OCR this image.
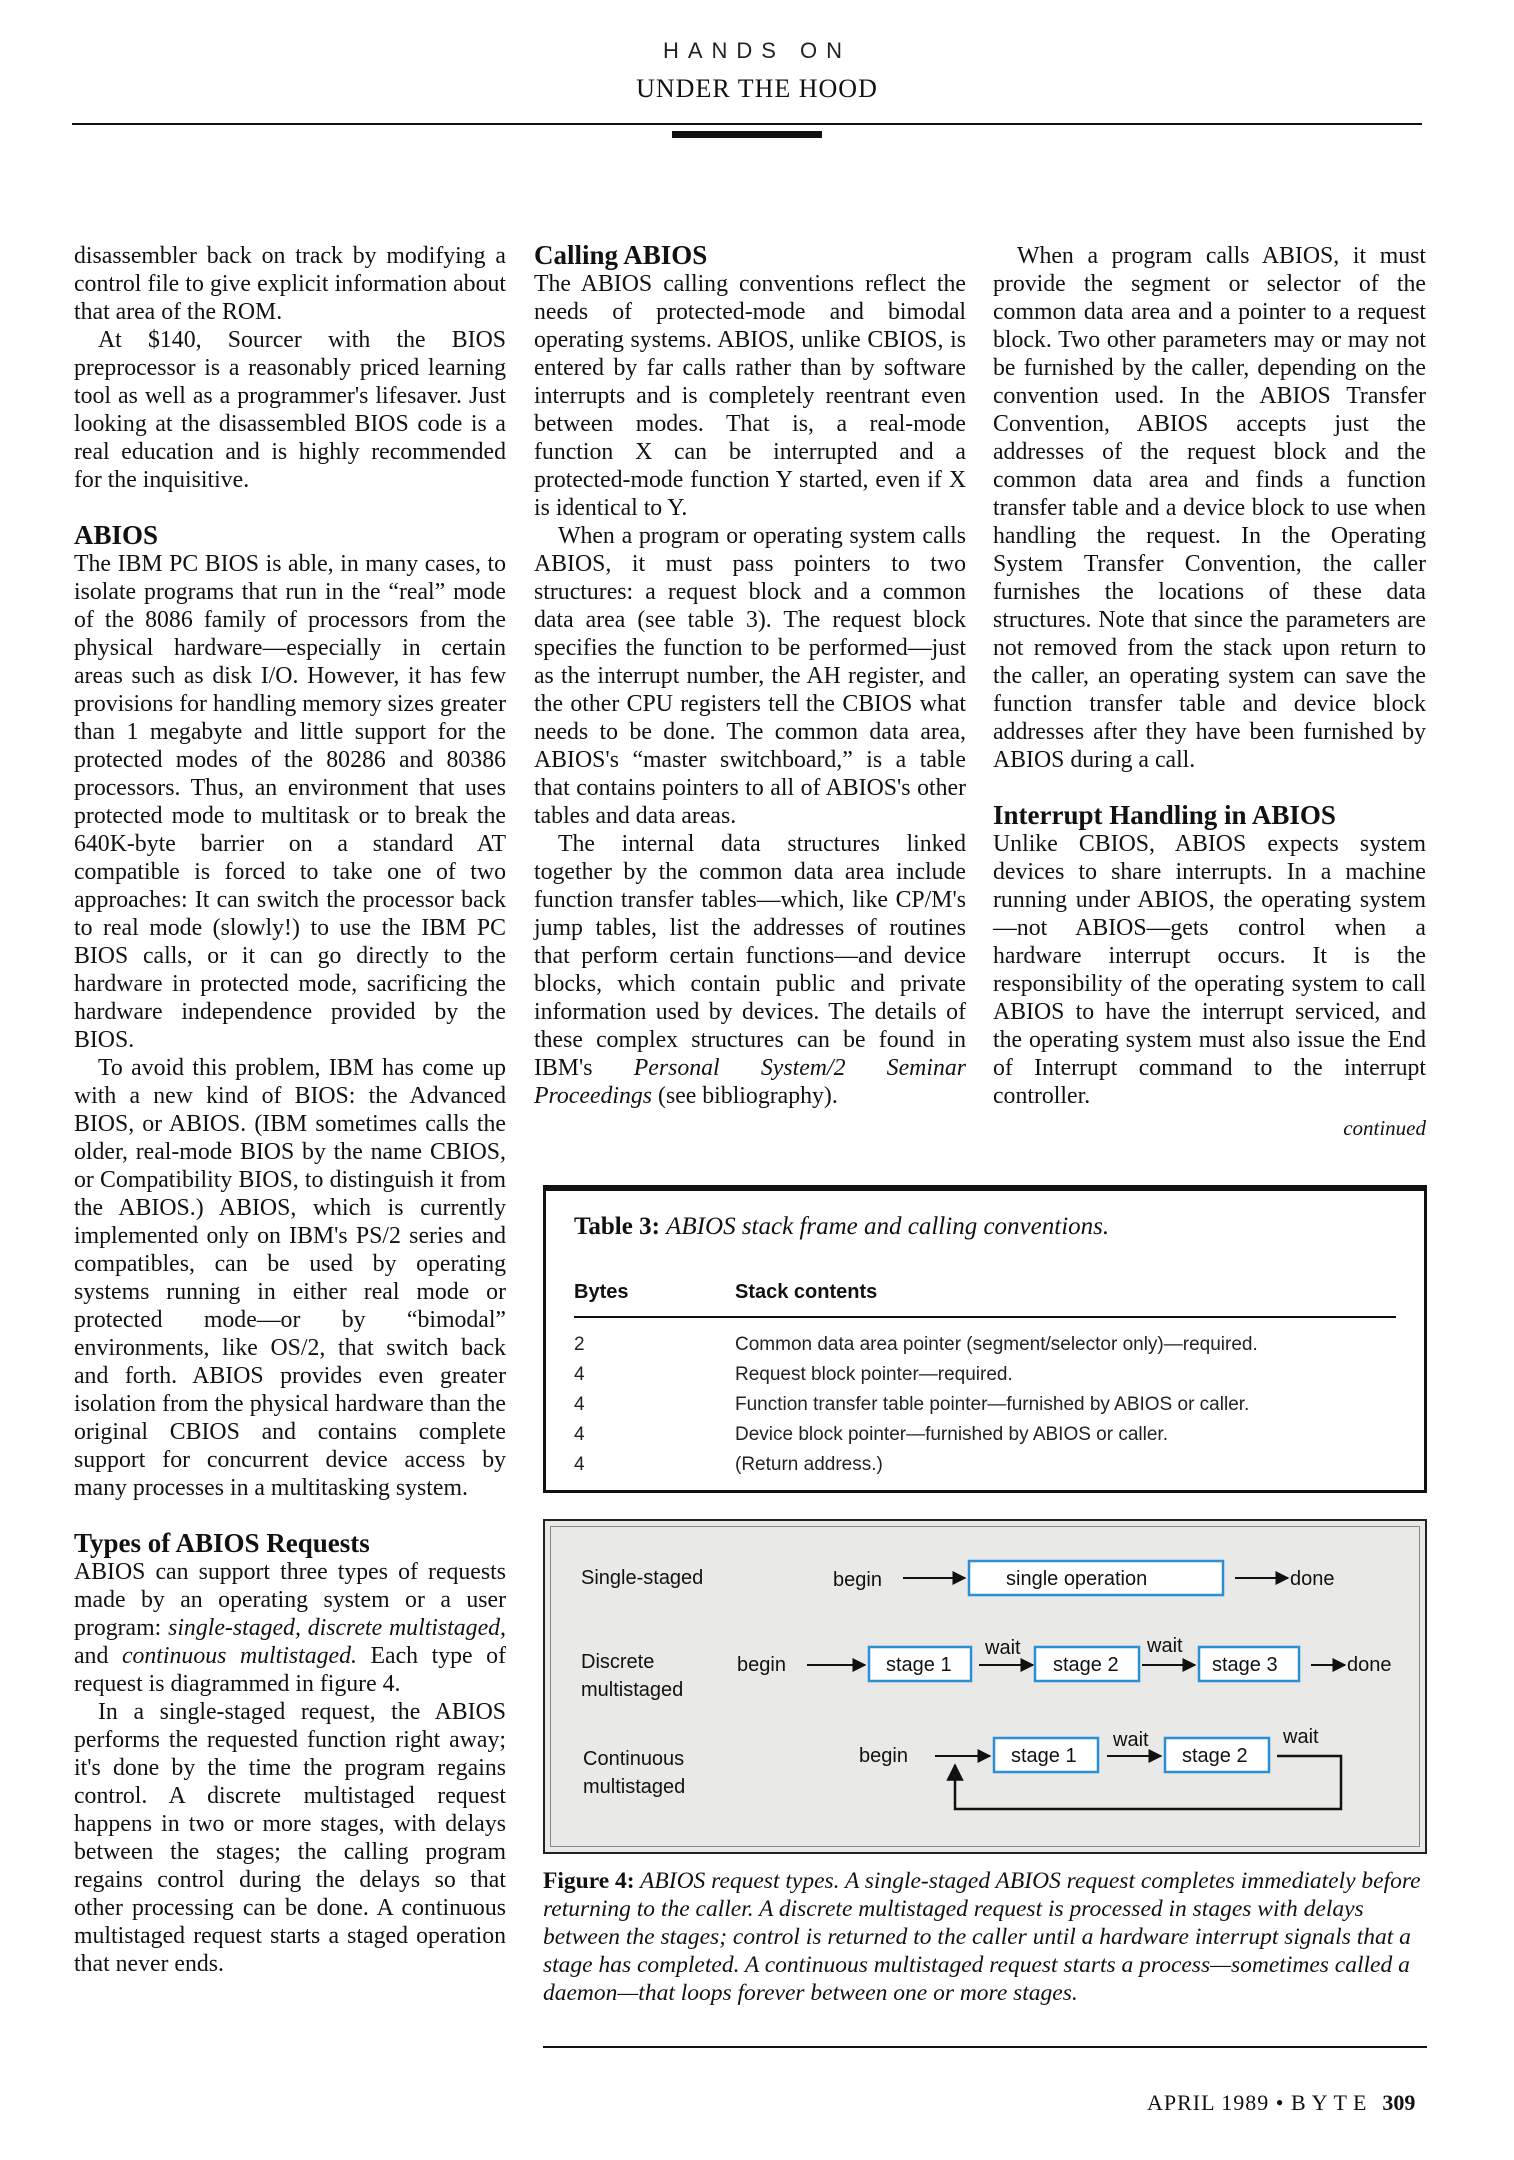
HANDS ON
UNDER THE HOOD

disassembler back on track by modifying a control file to give explicit information about that area of the ROM.

At $140, Sourcer with the BIOS preprocessor is a reasonably priced learning tool as well as a programmer's lifesaver. Just looking at the disassembled BIOS code is a real education and is highly recommended for the inquisitive.

ABIOS

The IBM PC BIOS is able, in many cases, to isolate programs that run in the “real” mode of the 8086 family of processors from the physical hardware—especially in certain areas such as disk I/O. However, it has few provisions for handling memory sizes greater than 1 megabyte and little support for the protected modes of the 80286 and 80386 processors. Thus, an environment that uses protected mode to multitask or to break the 640K-byte barrier on a standard AT compatible is forced to take one of two approaches: It can switch the processor back to real mode (slowly!) to use the IBM PC BIOS calls, or it can go directly to the hardware in protected mode, sacrificing the hardware independence provided by the BIOS.

To avoid this problem, IBM has come up with a new kind of BIOS: the Advanced BIOS, or ABIOS. (IBM sometimes calls the older, real-mode BIOS by the name CBIOS, or Compatibility BIOS, to distinguish it from the ABIOS.) ABIOS, which is currently implemented only on IBM's PS/2 series and compatibles, can be used by operating systems running in either real mode or protected mode—or by “bimodal” environments, like OS/2, that switch back and forth. ABIOS provides even greater isolation from the physical hardware than the original CBIOS and contains complete support for concurrent device access by many processes in a multitasking system.

Types of ABIOS Requests

ABIOS can support three types of requests made by an operating system or a user program: single-staged, discrete multistaged, and continuous multistaged. Each type of request is diagrammed in figure 4.

In a single-staged request, the ABIOS performs the requested function right away; it's done by the time the program regains control. A discrete multistaged request happens in two or more stages, with delays between the stages; the calling program regains control during the delays so that other processing can be done. A continuous multistaged request starts a staged operation that never ends.

Calling ABIOS

The ABIOS calling conventions reflect the needs of protected-mode and bimodal operating systems. ABIOS, unlike CBIOS, is entered by far calls rather than by software interrupts and is completely reentrant even between modes. That is, a real-mode function X can be interrupted and a protected-mode function Y started, even if X is identical to Y.

When a program or operating system calls ABIOS, it must pass pointers to two structures: a request block and a common data area (see table 3). The request block specifies the function to be performed—just as the interrupt number, the AH register, and the other CPU registers tell the CBIOS what needs to be done. The common data area, ABIOS's “master switchboard,” is a table that contains pointers to all of ABIOS's other tables and data areas.

The internal data structures linked together by the common data area include function transfer tables—which, like CP/M's jump tables, list the addresses of routines that perform certain functions—and device blocks, which contain public and private information used by devices. The details of these complex structures can be found in IBM's Personal System/2 Seminar Proceedings (see bibliography).

When a program calls ABIOS, it must provide the segment or selector of the common data area and a pointer to a request block. Two other parameters may or may not be furnished by the caller, depending on the convention used. In the ABIOS Transfer Convention, ABIOS accepts just the addresses of the request block and the common data area and finds a function transfer table and a device block to use when handling the request. In the Operating System Transfer Convention, the caller furnishes the locations of these data structures. Note that since the parameters are not removed from the stack upon return to the caller, an operating system can save the function transfer table and device block addresses after they have been furnished by ABIOS during a call.

Interrupt Handling in ABIOS

Unlike CBIOS, ABIOS expects system devices to share interrupts. In a machine running under ABIOS, the operating system—not ABIOS—gets control when a hardware interrupt occurs. It is the responsibility of the operating system to call ABIOS to have the interrupt serviced, and the operating system must also issue the End of Interrupt command to the interrupt controller.

continued
Table 3: ABIOS stack frame and calling conventions.
Bytes	Stack contents
2	Common data area pointer (segment/selector only)—required.
4	Request block pointer—required.
4	Function transfer table pointer—furnished by ABIOS or caller.
4	Device block pointer—furnished by ABIOS or caller.
4	(Return address.)
Single-staged
Discrete
multistaged
Continuous
multistaged
begin	single operation	done
begin	stage 1
wait
stage 2
wait
stage 3	done
begin	stage 1
wait
stage 2
wait
Figure 4: ABIOS request types. A single-staged ABIOS request completes immediately before returning to the caller. A discrete multistaged request is processed in stages with delays between the stages; control is returned to the caller until a hardware interrupt signals that a stage has completed. A continuous multistaged request starts a process—sometimes called a daemon—that loops forever between one or more stages.
APRIL 1989 • BYTE 309
